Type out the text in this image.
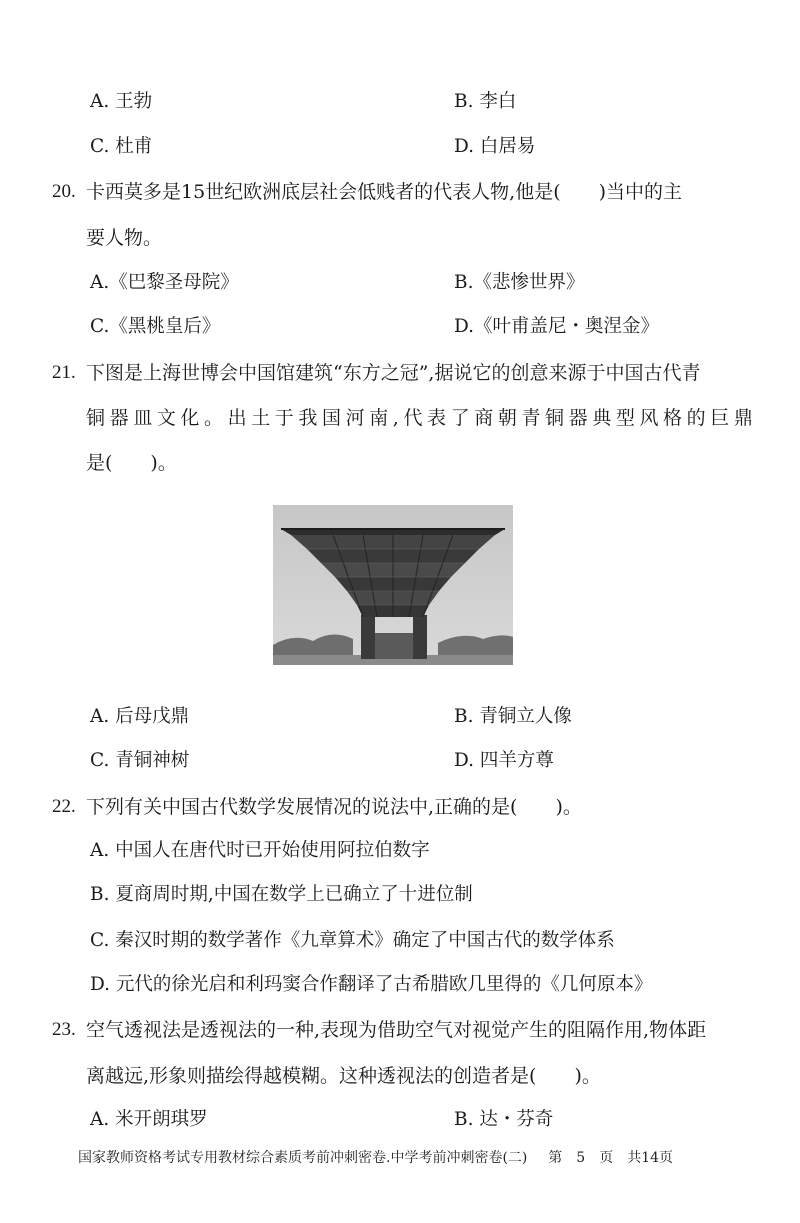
A. 王勃	B. 李白
C. 杜甫	D. 白居易
20. 卡西莫多是15世纪欧洲底层社会低贱者的代表人物,他是(　　)当中的主
要人物。
A.《巴黎圣母院》	B.《悲惨世界》
C.《黑桃皇后》	D.《叶甫盖尼・奥涅金》
21. 下图是上海世博会中国馆建筑“东方之冠”,据说它的创意来源于中国古代青
铜器皿文化。出土于我国河南,代表了商朝青铜器典型风格的巨鼎
是(　　)。
A. 后母戊鼎	B. 青铜立人像
C. 青铜神树	D. 四羊方尊
22. 下列有关中国古代数学发展情况的说法中,正确的是(　　)。
A. 中国人在唐代时已开始使用阿拉伯数字
B. 夏商周时期,中国在数学上已确立了十进位制
C. 秦汉时期的数学著作《九章算术》确定了中国古代的数学体系
D. 元代的徐光启和利玛窦合作翻译了古希腊欧几里得的《几何原本》
23. 空气透视法是透视法的一种,表现为借助空气对视觉产生的阻隔作用,物体距
离越远,形象则描绘得越模糊。这种透视法的创造者是(　　)。
A. 米开朗琪罗	B. 达・芬奇
国家教师资格考试专用教材综合素质考前冲刺密卷.中学考前冲刺密卷(二) 第　5　页　共14页
